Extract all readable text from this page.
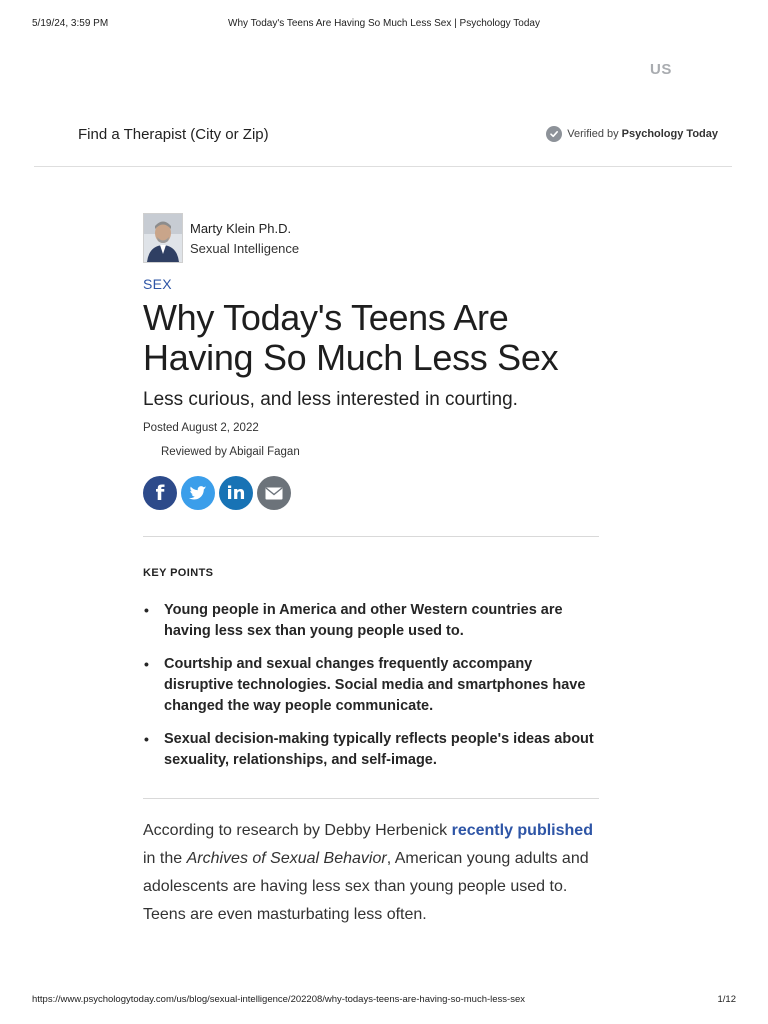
5/19/24, 3:59 PM	Why Today's Teens Are Having So Much Less Sex | Psychology Today
US
Find a Therapist (City or Zip)	Verified by Psychology Today
Marty Klein Ph.D.
Sexual Intelligence
SEX
Why Today's Teens Are Having So Much Less Sex
Less curious, and less interested in courting.
Posted August 2, 2022
Reviewed by Abigail Fagan
f	in
KEY POINTS
• Young people in America and other Western countries are having less sex than young people used to.
• Courtship and sexual changes frequently accompany disruptive technologies. Social media and smartphones have changed the way people communicate.
• Sexual decision-making typically reflects people's ideas about sexuality, relationships, and self-image.

According to research by Debby Herbenick recently published in the Archives of Sexual Behavior, American young adults and adolescents are having less sex than young people used to. Teens are even masturbating less often.

https://www.psychologytoday.com/us/blog/sexual-intelligence/202208/why-todays-teens-are-having-so-much-less-sex	1/12
